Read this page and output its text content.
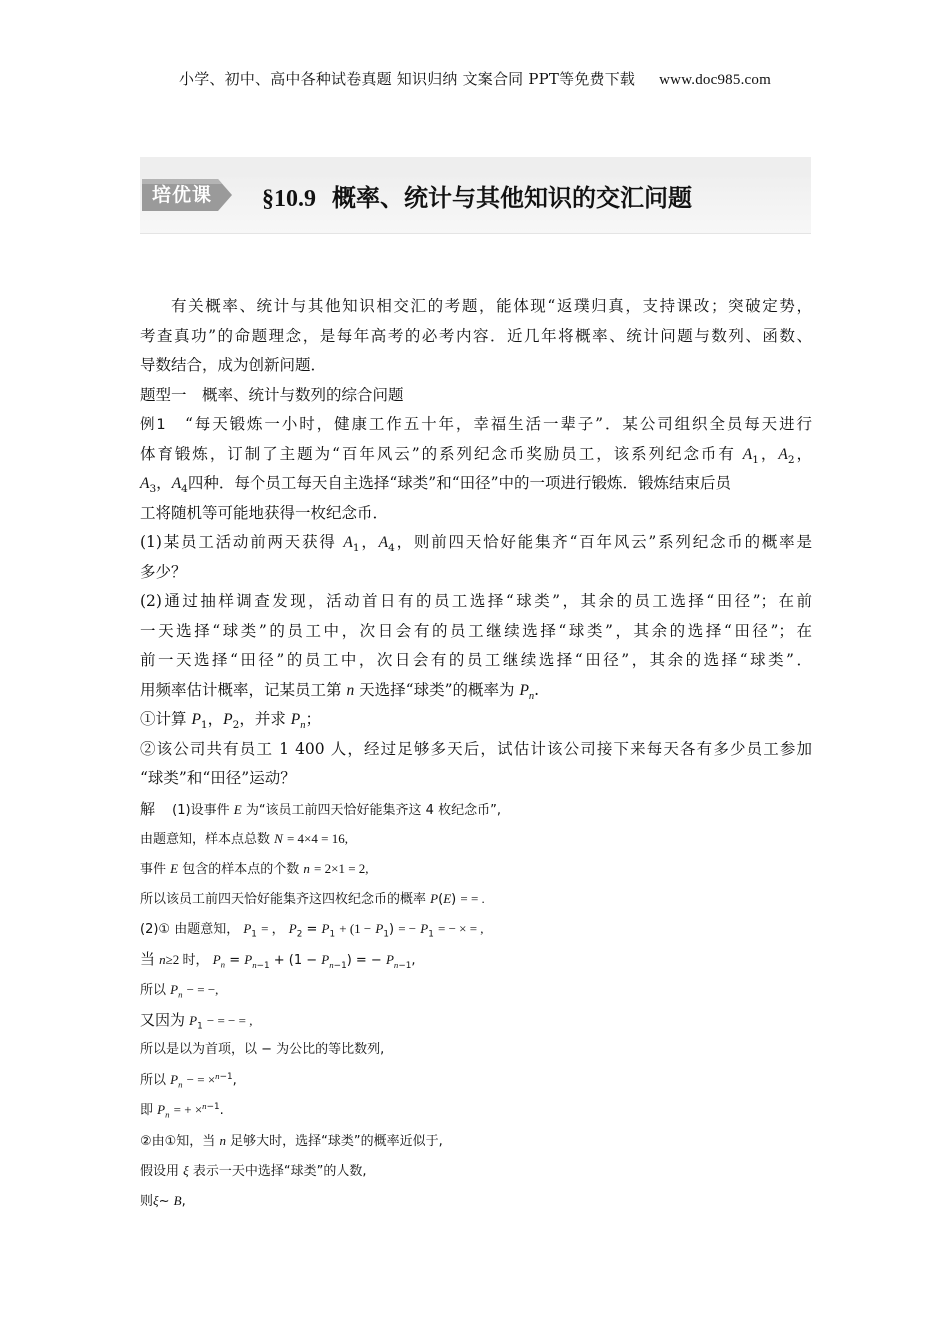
小学、初中、高中各种试卷真题 知识归纳 文案合同 PPT等免费下载 www.doc985.com
培优课 §10.9 概率、统计与其他知识的交汇问题
有关概率、统计与其他知识相交汇的考题，能体现“返璞归真，支持课改；突破定势，
考查真功”的命题理念，是每年高考的必考内容．近几年将概率、统计问题与数列、函数、
导数结合，成为创新问题．
题型一　概率、统计与数列的综合问题
例1　 “每天锻炼一小时，健康工作五十年，幸福生活一辈子”．某公司组织全员每天进行
体育锻炼，订制了主题为“百年风云”的系列纪念币奖励员工，该系列纪念币有 $A_1$，$A_2$，
$A_3$，$A_4$四种．每个员工每天自主选择“球类”和“田径”中的一项进行锻炼．锻炼结束后员
工将随机等可能地获得一枚纪念币．
(1)某员工活动前两天获得 $A_1$，$A_4$，则前四天恰好能集齐“百年风云”系列纪念币的概率是
多少？
(2)通过抽样调查发现，活动首日有的员工选择“球类”，其余的员工选择“田径”；在前
一天选择“球类”的员工中，次日会有的员工继续选择“球类”，其余的选择“田径”；在
前一天选择“田径”的员工中，次日会有的员工继续选择“田径”，其余的选择“球类”．
用频率估计概率，记某员工第 n 天选择“球类”的概率为 $P_n$.
①计算 $P_1$，$P_2$，并求 $P_n$；
②该公司共有员工 1 400 人，经过足够多天后，试估计该公司接下来每天各有多少员工参加
“球类”和“田径”运动？
解　 (1)设事件 E 为“该员工前四天恰好能集齐这 4 枚纪念币”,
由题意知，样本点总数 N = 4×4 = 16,
事件 E 包含的样本点的个数 n = 2×1 = 2,
所以该员工前四天恰好能集齐这四枚纪念币的概率 P(E) = = .
(2)① 由题意知， $P_1$ = ， $P_2 = P_1 + (1 - P_1)$ = − $P_1$ = − × = ,
当 n≥2 时， $P_n = P_{n-1} + (1 - P_{n-1})$ = − $P_{n-1}$,
所以 $P_n$ − = −,
又因为 $P_1$ − = − = ,
所以是以为首项，以 − 为公比的等比数列,
所以 $P_n$ − = ×$^{n-1}$,
即 $P_n$ = + ×$^{n-1}$.
②由①知，当 n 足够大时，选择“球类”的概率近似于,
假设用 ξ 表示一天中选择“球类”的人数,
则ξ~ B,
